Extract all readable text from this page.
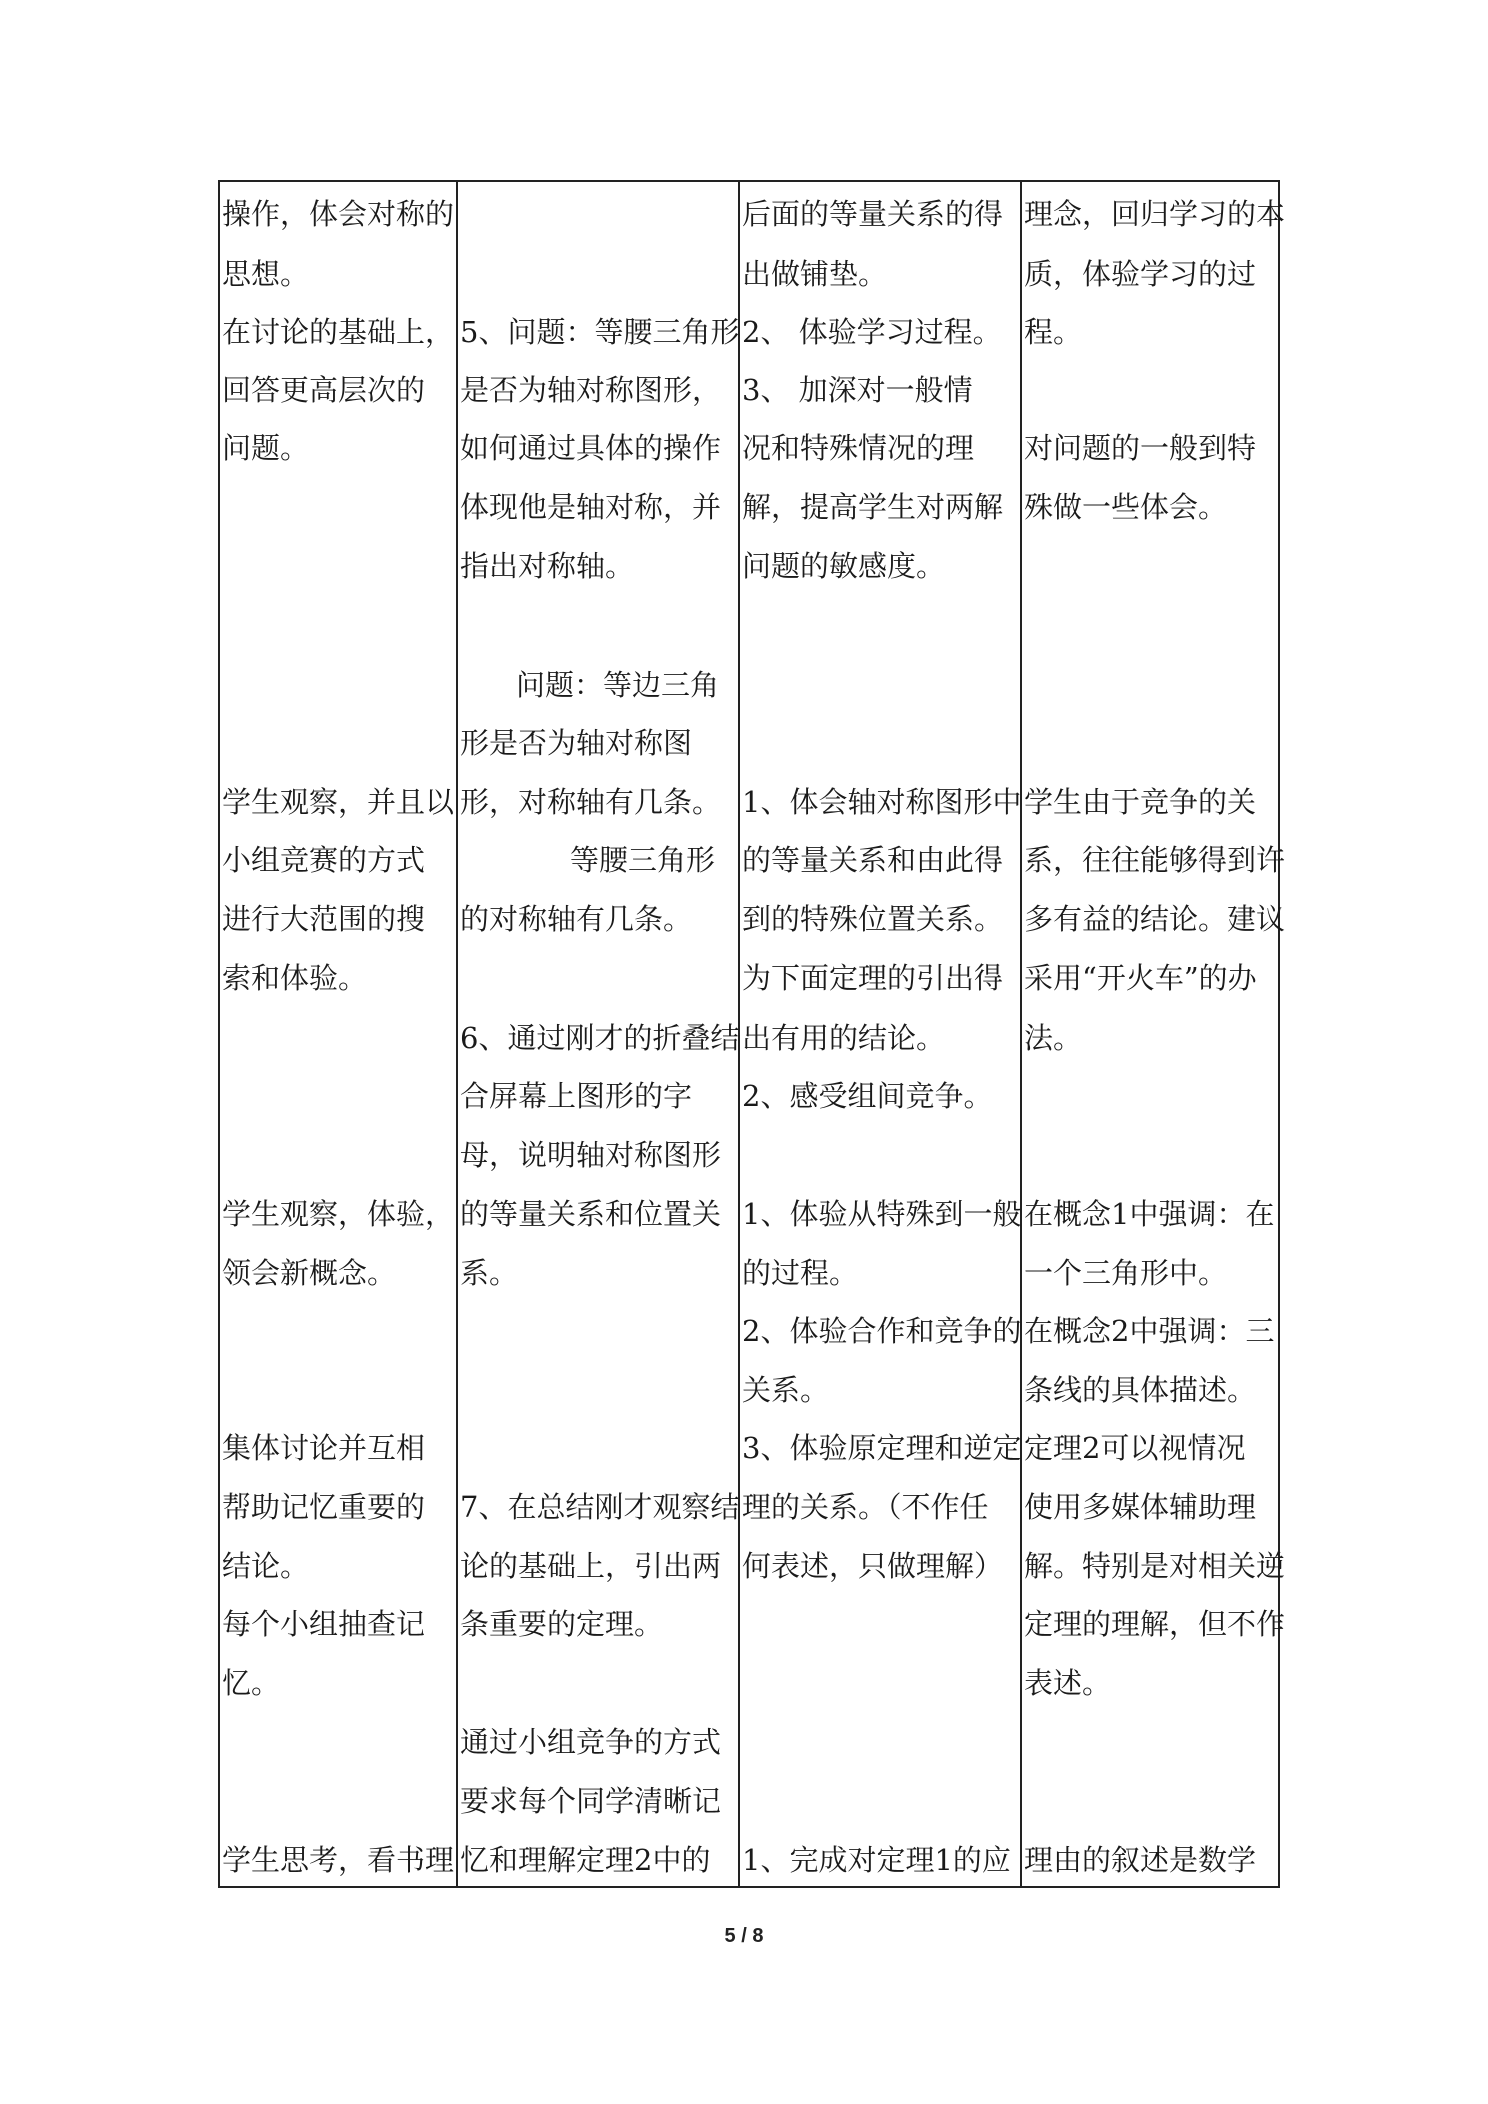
操作，体会对称的
思想。
在讨论的基础上，
回答更高层次的
问题。
学生观察，并且以
小组竞赛的方式
进行大范围的搜
索和体验。
学生观察，体验，
领会新概念。
集体讨论并互相
帮助记忆重要的
结论。
每个小组抽查记
忆。
学生思考，看书理
5、问题：等腰三角形
是否为轴对称图形，
如何通过具体的操作
体现他是轴对称，并
指出对称轴。
问题：等边三角
形是否为轴对称图
形，对称轴有几条。
等腰三角形
的对称轴有几条。
6、通过刚才的折叠结
合屏幕上图形的字
母，说明轴对称图形
的等量关系和位置关
系。
7、在总结刚才观察结
论的基础上，引出两
条重要的定理。
通过小组竞争的方式
要求每个同学清晰记
忆和理解定理2中的
后面的等量关系的得
出做铺垫。
2、 体验学习过程。
3、 加深对一般情
况和特殊情况的理
解，提高学生对两解
问题的敏感度。
1、体会轴对称图形中
的等量关系和由此得
到的特殊位置关系。
为下面定理的引出得
出有用的结论。
2、感受组间竞争。
1、体验从特殊到一般
的过程。
2、体验合作和竞争的
关系。
3、体验原定理和逆定
理的关系。（不作任
何表述，只做理解）
1、完成对定理1的应
理念，回归学习的本
质，体验学习的过
程。
对问题的一般到特
殊做一些体会。
学生由于竞争的关
系，往往能够得到许
多有益的结论。建议
采用“开火车”的办
法。
在概念1中强调：在
一个三角形中。
在概念2中强调：三
条线的具体描述。
定理2可以视情况
使用多媒体辅助理
解。特别是对相关逆
定理的理解，但不作
表述。
理由的叙述是数学
5 / 8
